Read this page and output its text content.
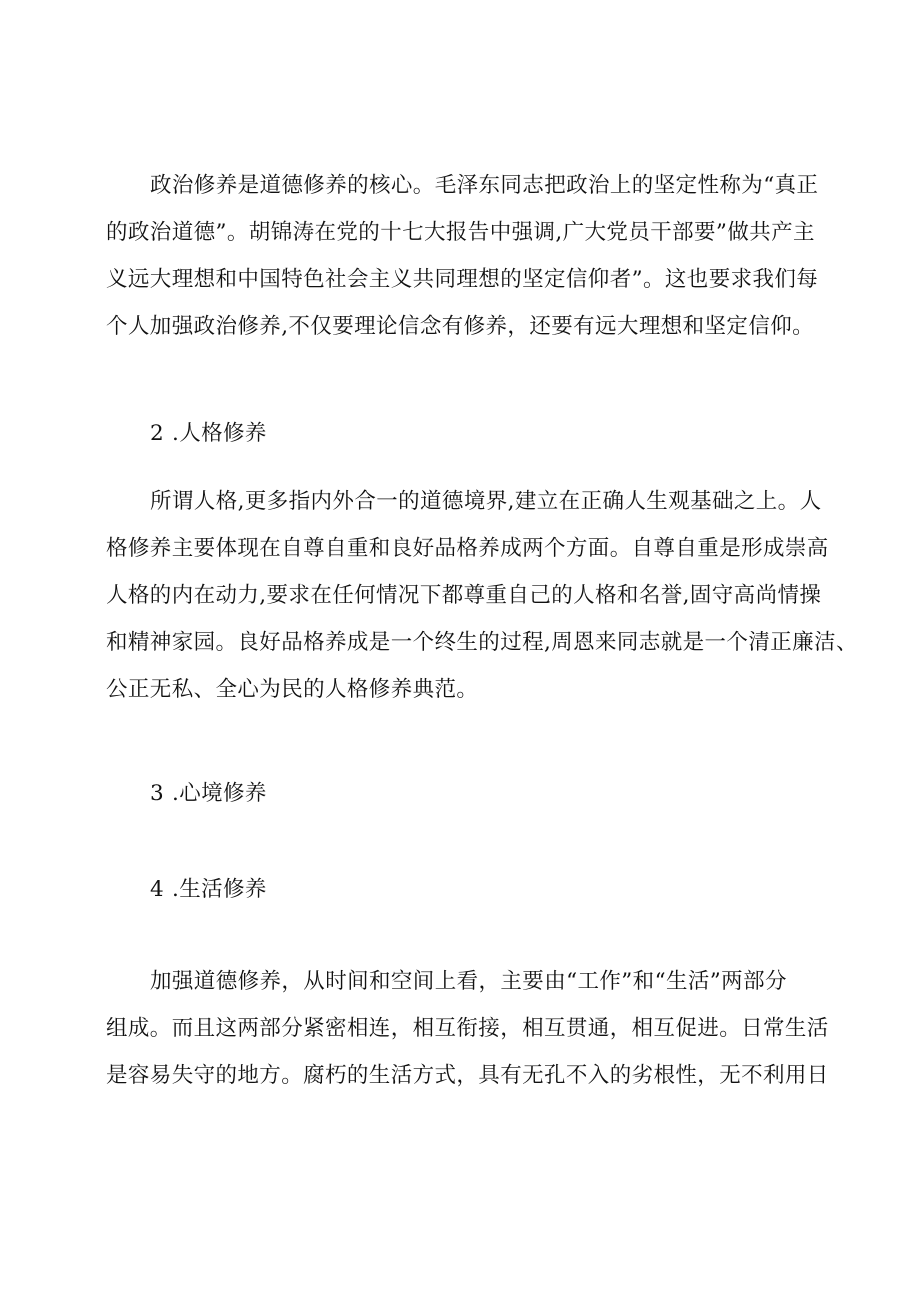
政治修养是道德修养的核心。毛泽东同志把政治上的坚定性称为“真正
的政治道德”。胡锦涛在党的十七大报告中强调,广大党员干部要”做共产主
义远大理想和中国特色社会主义共同理想的坚定信仰者”。这也要求我们每
个人加强政治修养,不仅要理论信念有修养，还要有远大理想和坚定信仰。

2 .人格修养

所谓人格,更多指内外合一的道德境界,建立在正确人生观基础之上。人
格修养主要体现在自尊自重和良好品格养成两个方面。自尊自重是形成崇高
人格的内在动力,要求在任何情况下都尊重自己的人格和名誉,固守高尚情操
和精神家园。良好品格养成是一个终生的过程,周恩来同志就是一个清正廉洁、
公正无私、全心为民的人格修养典范。

3 .心境修养

4 .生活修养

加强道德修养，从时间和空间上看，主要由“工作”和“生活”两部分
组成。而且这两部分紧密相连，相互衔接，相互贯通，相互促进。日常生活
是容易失守的地方。腐朽的生活方式，具有无孔不入的劣根性，无不利用日
